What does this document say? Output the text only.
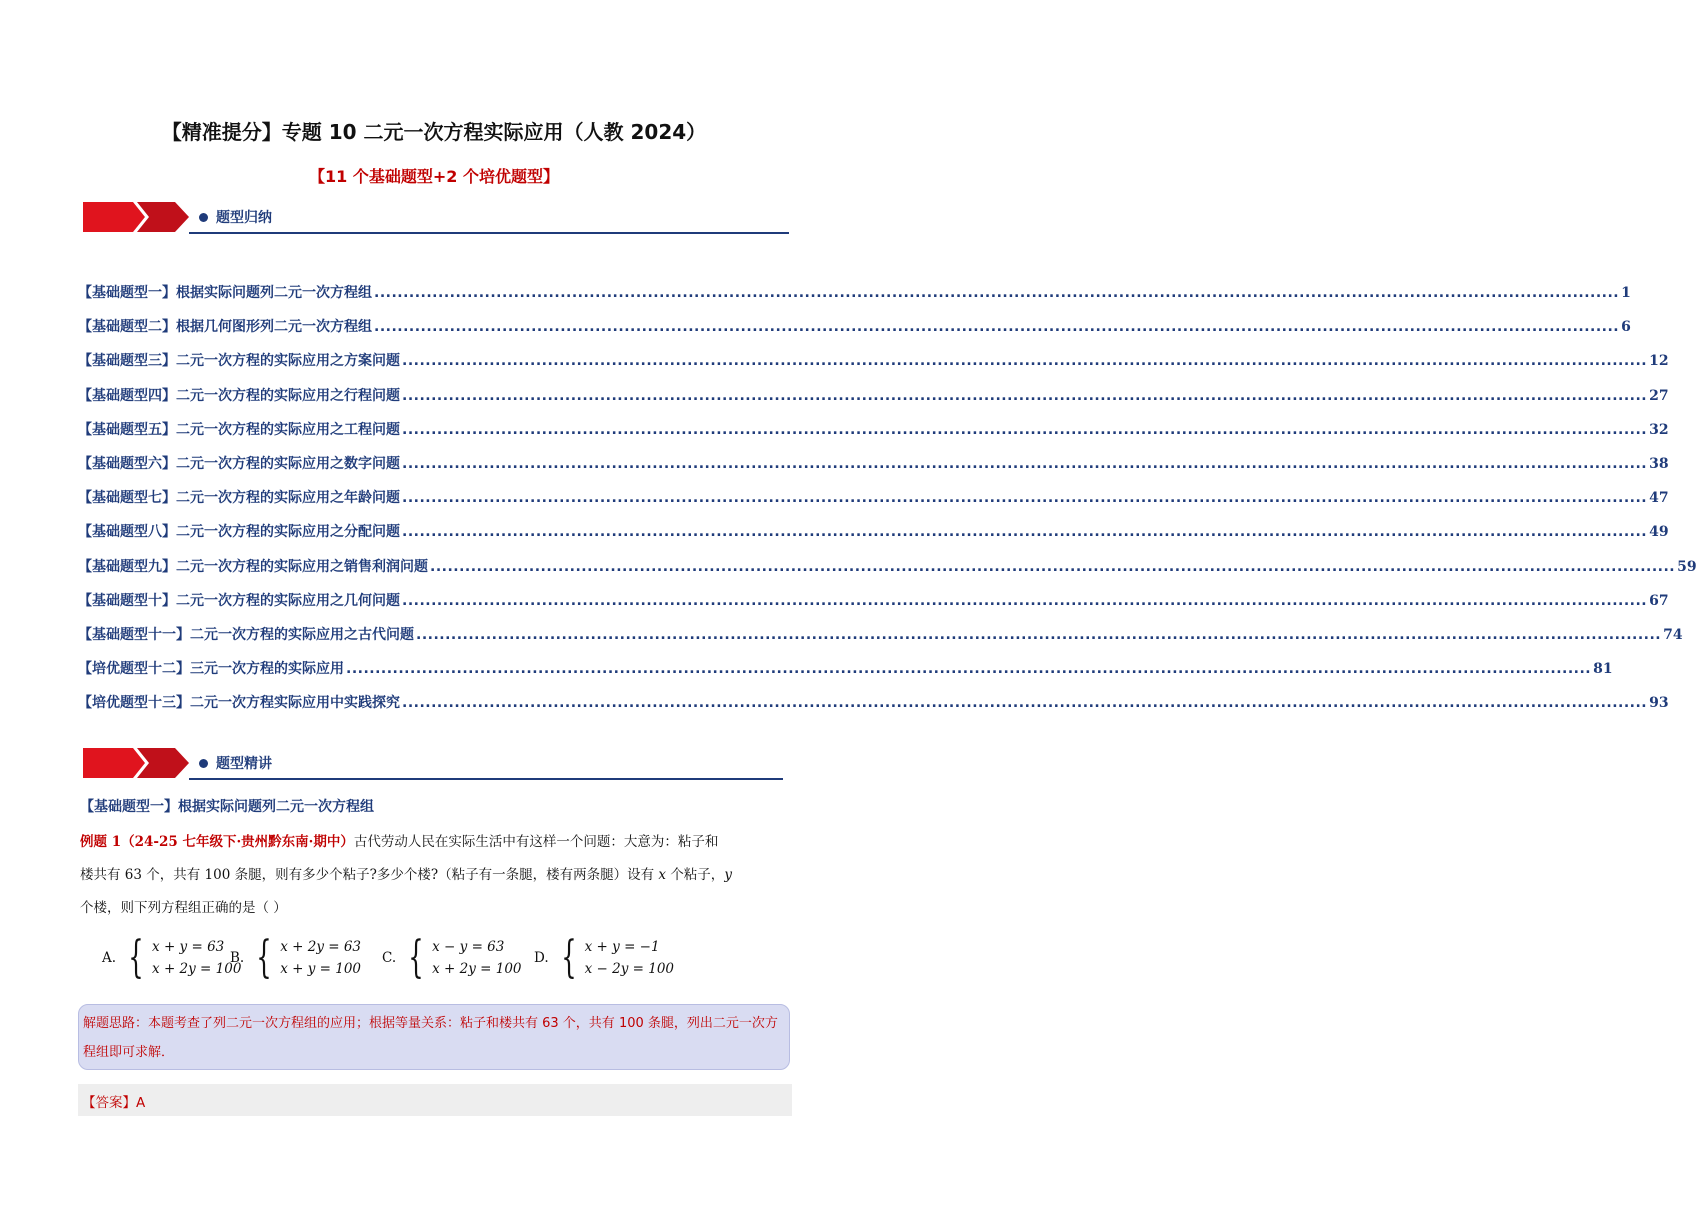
【精准提分】专题 10 二元一次方程实际应用（人教 2024）
【11 个基础题型+2 个培优题型】
题型归纳
【基础题型一】根据实际问题列二元一次方程组 ...................................................................................................................................................................................................................... 1
【基础题型二】根据几何图形列二元一次方程组 ...................................................................................................................................................................................................................... 6
【基础题型三】二元一次方程的实际应用之方案问题 ...................................................................................................................................................................................................................... 12
【基础题型四】二元一次方程的实际应用之行程问题 ...................................................................................................................................................................................................................... 27
【基础题型五】二元一次方程的实际应用之工程问题 ...................................................................................................................................................................................................................... 32
【基础题型六】二元一次方程的实际应用之数字问题 ...................................................................................................................................................................................................................... 38
【基础题型七】二元一次方程的实际应用之年龄问题 ...................................................................................................................................................................................................................... 47
【基础题型八】二元一次方程的实际应用之分配问题 ...................................................................................................................................................................................................................... 49
【基础题型九】二元一次方程的实际应用之销售利润问题 ...................................................................................................................................................................................................................... 59
【基础题型十】二元一次方程的实际应用之几何问题 ...................................................................................................................................................................................................................... 67
【基础题型十一】二元一次方程的实际应用之古代问题 ...................................................................................................................................................................................................................... 74
【培优题型十二】三元一次方程的实际应用 ...................................................................................................................................................................................................................... 81
【培优题型十三】二元一次方程实际应用中实践探究 ...................................................................................................................................................................................................................... 93
题型精讲
【基础题型一】根据实际问题列二元一次方程组
例题 1（24-25 七年级下·贵州黔东南·期中）古代劳动人民在实际生活中有这样一个问题：大意为：粘子和
楼共有 63 个，共有 100 条腿，则有多少个粘子?多少个楼?（粘子有一条腿，楼有两条腿）设有 x 个粘子，y
个楼，则下列方程组正确的是（ ）
A. { x + y = 63
x + 2y = 100
B. { x + 2y = 63
x + y = 100
C. { x − y = 63
x + 2y = 100
D. { x + y = −1
x − 2y = 100
解题思路：本题考查了列二元一次方程组的应用；根据等量关系：粘子和楼共有 63 个，共有 100 条腿，列出二元一次方程组即可求解．
【答案】A
